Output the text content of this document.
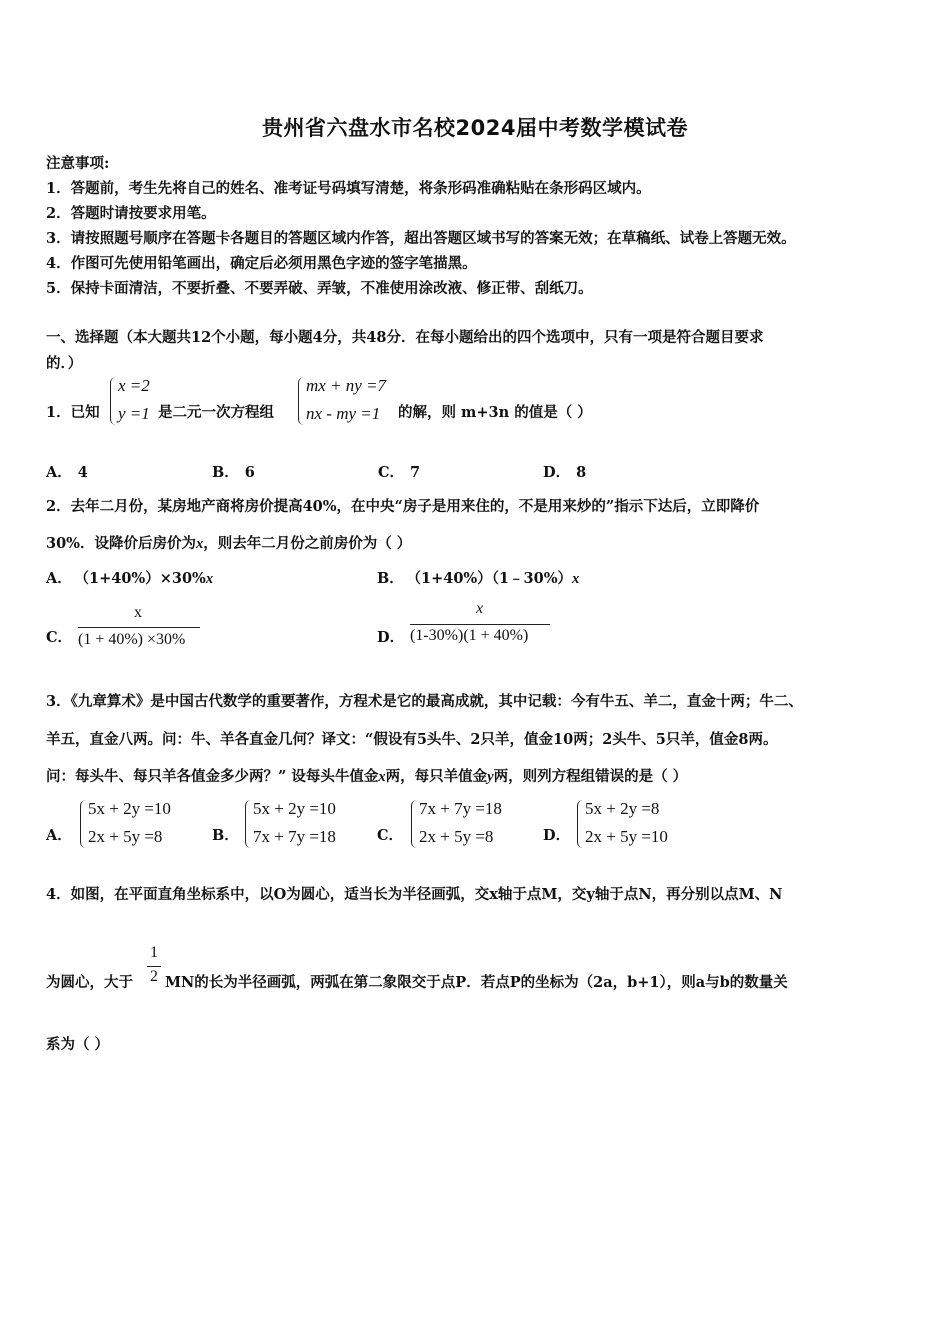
贵州省六盘水市名校2024届中考数学模试卷
注意事项:
1．答题前，考生先将自己的姓名、准考证号码填写清楚，将条形码准确粘贴在条形码区域内。
2．答题时请按要求用笔。
3．请按照题号顺序在答题卡各题目的答题区域内作答，超出答题区域书写的答案无效；在草稿纸、试卷上答题无效。
4．作图可先使用铅笔画出，确定后必须用黑色字迹的签字笔描黑。
5．保持卡面清洁，不要折叠、不要弄破、弄皱，不准使用涂改液、修正带、刮纸刀。
一、选择题（本大题共12个小题，每小题4分，共48分．在每小题给出的四个选项中，只有一项是符合题目要求
的．）
1．已知
x =2
y =1 是二元一次方程组
mx + ny =7
nx - my =1 的解，则 m+3n 的值是（ ）
A． 4	B． 6	C． 7	D． 8
2．去年二月份，某房地产商将房价提高40%，在中央“房子是用来住的，不是用来炒的”指示下达后，立即降价
30%．设降价后房价为x，则去年二月份之前房价为（ ）
A． （1+40%）×30%x	B． （1+40%）（1﹣30%）x
C．
x
(1 + 40%) ×30%	D．
x
(1-30%)(1 + 40%)
3．《九章算术》是中国古代数学的重要著作，方程术是它的最高成就，其中记载：今有牛五、羊二，直金十两；牛二、
羊五，直金八两。问：牛、羊各直金几何？译文：“假设有5头牛、2只羊，值金10两；2头牛、5只羊，值金8两。
问：每头牛、每只羊各值金多少两？” 设每头牛值金x两，每只羊值金y两，则列方程组错误的是（ ）
A．
5x + 2y =10
2x + 5y =8	B．
5x + 2y =10
7x + 7y =18	C．
7x + 7y =18
2x + 5y =8	D．
5x + 2y =8
2x + 5y =10
4．如图，在平面直角坐标系中，以O为圆心，适当长为半径画弧，交x轴于点M，交y轴于点N，再分别以点M、N
为圆心，大于
1
2 MN的长为半径画弧，两弧在第二象限交于点P．若点P的坐标为（2a，b+1），则a与b的数量关
系为（ ）
